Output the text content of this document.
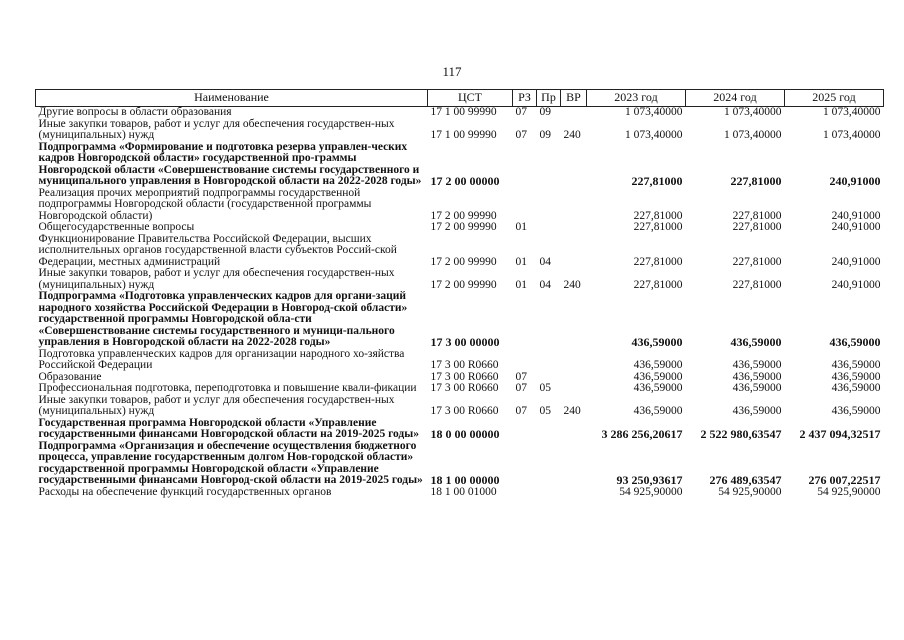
117
Наименование	ЦСТ	РЗ	Пр	ВР	2023 год	2024 год	2025 год
Другие вопросы в области образования	17 1 00 99990	07	09		1 073,40000	1 073,40000	1 073,40000
Иные закупки товаров, работ и услуг для обеспечения государствен-ных (муниципальных) нужд	17 1 00 99990	07	09	240	1 073,40000	1 073,40000	1 073,40000
Подпрограмма «Формирование и подготовка резерва управлен-ческих кадров Новгородской области» государственной про-граммы Новгородской области «Совершенствование системы государственного и муниципального управления в Новгородской области на 2022-2028 годы»	17 2 00 00000				227,81000	227,81000	240,91000
Реализация прочих мероприятий подпрограммы государственной подпрограммы Новгородской области (государственной программы Новгородской области)	17 2 00 99990				227,81000	227,81000	240,91000
Общегосударственные вопросы	17 2 00 99990	01			227,81000	227,81000	240,91000
Функционирование Правительства Российской Федерации, высших исполнительных органов государственной власти субъектов Россий-ской Федерации, местных администраций	17 2 00 99990	01	04		227,81000	227,81000	240,91000
Иные закупки товаров, работ и услуг для обеспечения государствен-ных (муниципальных) нужд	17 2 00 99990	01	04	240	227,81000	227,81000	240,91000
Подпрограмма «Подготовка управленческих кадров для органи-заций народного хозяйства Российской Федерации в Новгород-ской области» государственной программы Новгородской обла-сти «Совершенствование системы государственного и муници-пального управления в Новгородской области на 2022-2028 годы»	17 3 00 00000				436,59000	436,59000	436,59000
Подготовка управленческих кадров для организации народного хо-зяйства Российской Федерации	17 3 00 R0660				436,59000	436,59000	436,59000
Образование	17 3 00 R0660	07			436,59000	436,59000	436,59000
Профессиональная подготовка, переподготовка и повышение квали-фикации	17 3 00 R0660	07	05		436,59000	436,59000	436,59000
Иные закупки товаров, работ и услуг для обеспечения государствен-ных (муниципальных) нужд	17 3 00 R0660	07	05	240	436,59000	436,59000	436,59000
Государственная программа Новгородской области «Управление государственными финансами Новгородской области на 2019-2025 годы»	18 0 00 00000				3 286 256,20617	2 522 980,63547	2 437 094,32517
Подпрограмма «Организация и обеспечение осуществления бюджетного процесса, управление государственным долгом Нов-городской области» государственной программы Новгородской области «Управление государственными финансами Новгород-ской области на 2019-2025 годы»	18 1 00 00000				93 250,93617	276 489,63547	276 007,22517
Расходы на обеспечение функций государственных органов	18 1 00 01000				54 925,90000	54 925,90000	54 925,90000
